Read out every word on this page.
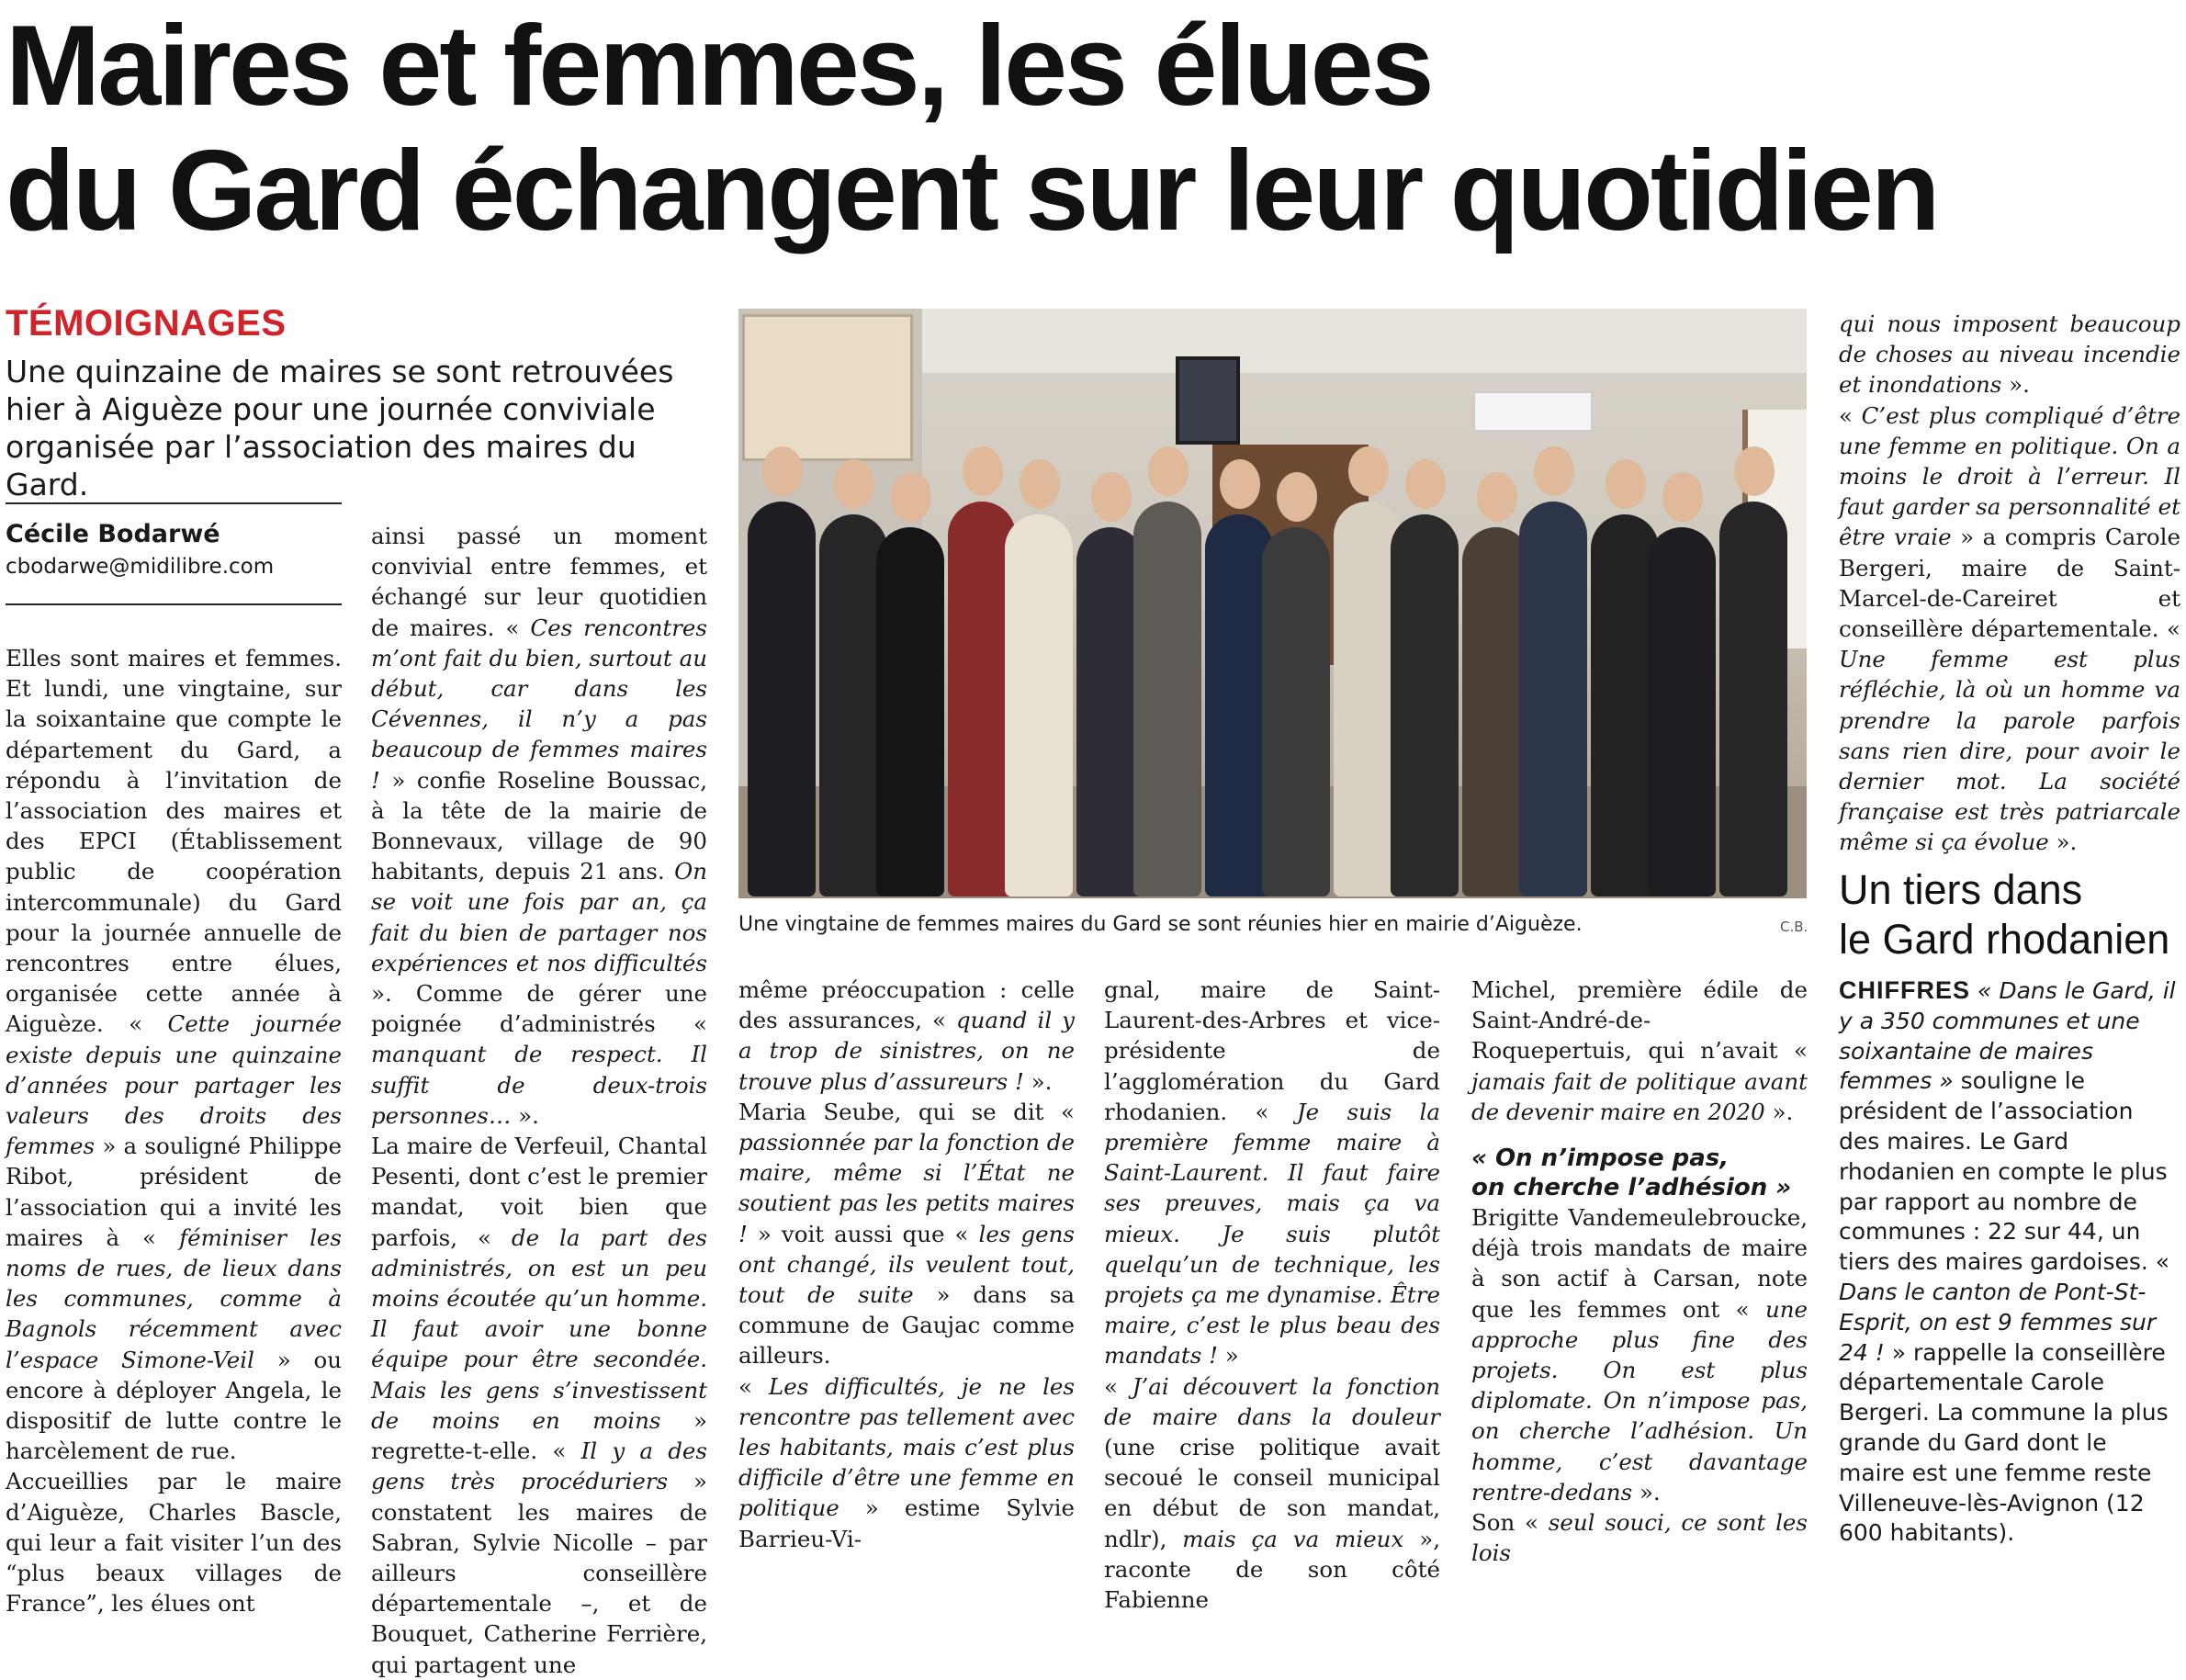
Maires et femmes, les élues
du Gard échangent sur leur quotidien
TÉMOIGNAGES
Une quinzaine de maires se sont retrouvées hier à Aiguèze pour une journée conviviale organisée par l’association des maires du Gard.
Cécile Bodarwé
cbodarwe@midilibre.com

Elles sont maires et femmes. Et lundi, une vingtaine, sur la soixantaine que compte le département du Gard, a répondu à l’invitation de l’association des maires et des EPCI (Établissement public de coopération intercommunale) du Gard pour la journée annuelle de rencontres entre élues, organisée cette année à Aiguèze. « Cette journée existe depuis une quinzaine d’années pour partager les valeurs des droits des femmes » a souligné Philippe Ribot, président de l’association qui a invité les maires à « féminiser les noms de rues, de lieux dans les communes, comme à Bagnols récemment avec l’espace Simone-Veil » ou encore à déployer Angela, le dispositif de lutte contre le harcèlement de rue.

Accueillies par le maire d’Aiguèze, Charles Bascle, qui leur a fait visiter l’un des “plus beaux villages de France”, les élues ont

ainsi passé un moment convivial entre femmes, et échangé sur leur quotidien de maires. « Ces rencontres m’ont fait du bien, surtout au début, car dans les Cévennes, il n’y a pas beaucoup de femmes maires ! » confie Roseline Boussac, à la tête de la mairie de Bonnevaux, village de 90 habitants, depuis 21 ans. On se voit une fois par an, ça fait du bien de partager nos expériences et nos difficultés ». Comme de gérer une poignée d’administrés « manquant de respect. Il suffit de deux-trois personnes… ».

La maire de Verfeuil, Chantal Pesenti, dont c’est le premier mandat, voit bien que parfois, « de la part des administrés, on est un peu moins écoutée qu’un homme. Il faut avoir une bonne équipe pour être secondée. Mais les gens s’investissent de moins en moins » regrette-t-elle. « Il y a des gens très procéduriers » constatent les maires de Sabran, Sylvie Nicolle – par ailleurs conseillère départementale –, et de Bouquet, Catherine Ferrière, qui partagent une

Une vingtaine de femmes maires du Gard se sont réunies hier en mairie d’Aiguèze.	C.B.

même préoccupation : celle des assurances, « quand il y a trop de sinistres, on ne trouve plus d’assureurs ! ».

Maria Seube, qui se dit « passionnée par la fonction de maire, même si l’État ne soutient pas les petits maires ! » voit aussi que « les gens ont changé, ils veulent tout, tout de suite » dans sa commune de Gaujac comme ailleurs.

« Les difficultés, je ne les rencontre pas tellement avec les habitants, mais c’est plus difficile d’être une femme en politique » estime Sylvie Barrieu-Vi-

gnal, maire de Saint-Laurent-des-Arbres et vice-présidente de l’agglomération du Gard rhodanien. « Je suis la première femme maire à Saint-Laurent. Il faut faire ses preuves, mais ça va mieux. Je suis plutôt quelqu’un de technique, les projets ça me dynamise. Être maire, c’est le plus beau des mandats ! »

« J’ai découvert la fonction de maire dans la douleur (une crise politique avait secoué le conseil municipal en début de son mandat, ndlr), mais ça va mieux », raconte de son côté Fabienne

Michel, première édile de Saint-André-de-Roquepertuis, qui n’avait « jamais fait de politique avant de devenir maire en 2020 ».

« On n’impose pas,
on cherche l’adhésion »

Brigitte Vandemeulebroucke, déjà trois mandats de maire à son actif à Carsan, note que les femmes ont « une approche plus fine des projets. On est plus diplomate. On n’impose pas, on cherche l’adhésion. Un homme, c’est davantage rentre-dedans ».

Son « seul souci, ce sont les lois

qui nous imposent beaucoup de choses au niveau incendie et inondations ».

« C’est plus compliqué d’être une femme en politique. On a moins le droit à l’erreur. Il faut garder sa personnalité et être vraie » a compris Carole Bergeri, maire de Saint-Marcel-de-Careiret et conseillère départementale. « Une femme est plus réfléchie, là où un homme va prendre la parole parfois sans rien dire, pour avoir le dernier mot. La société française est très patriarcale même si ça évolue ».

Un tiers dans
le Gard rhodanien
CHIFFRES « Dans le Gard, il y a 350 communes et une soixantaine de maires femmes » souligne le président de l’association des maires. Le Gard rhodanien en compte le plus par rapport au nombre de communes : 22 sur 44, un tiers des maires gardoises. « Dans le canton de Pont-St-Esprit, on est 9 femmes sur 24 ! » rappelle la conseillère départementale Carole Bergeri. La commune la plus grande du Gard dont le maire est une femme reste Villeneuve-lès-Avignon (12 600 habitants).
